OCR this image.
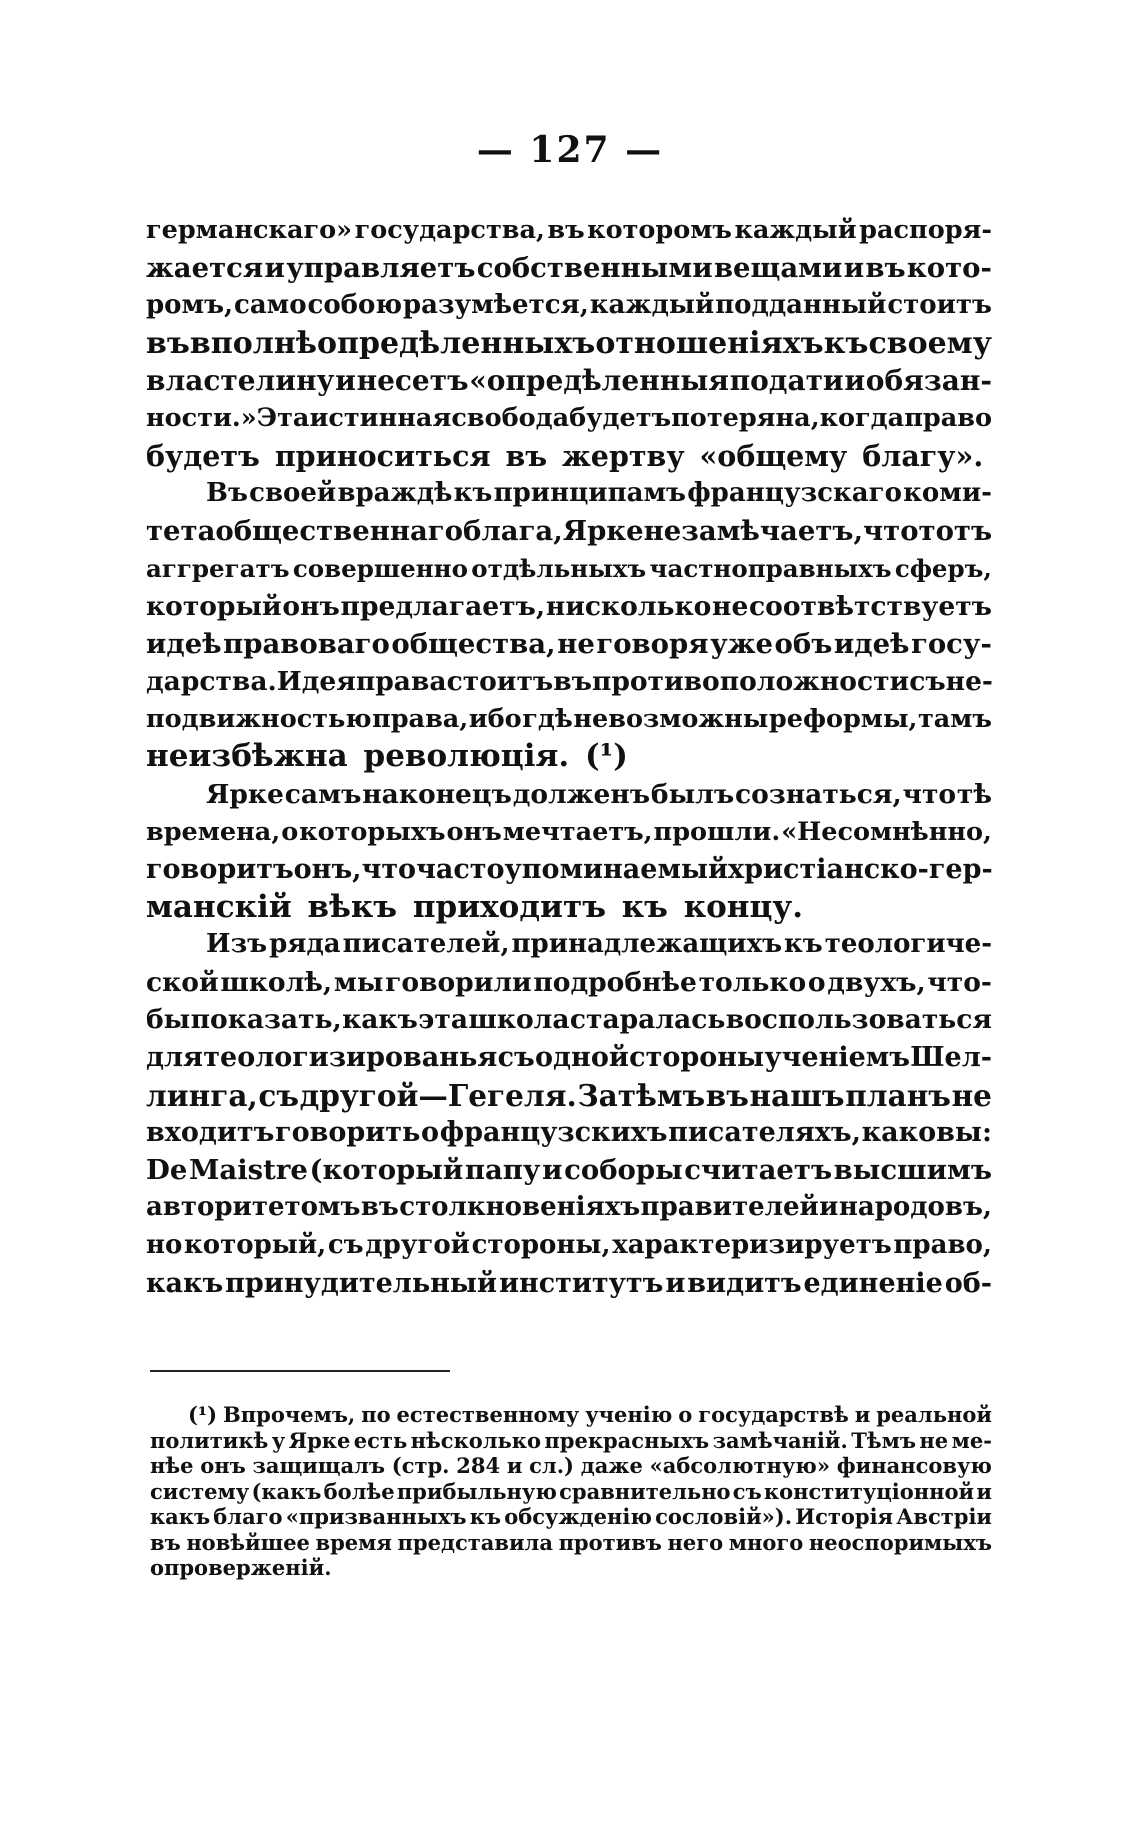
— 127 —
германскаго» государства, въ которомъ каждый распоря-
жается и управляетъ собственными вещами и въ кото-
ромъ, само собою разумѣется, каждый подданный стоитъ
въ вполнѣ опредѣленныхъ отношенiяхъ къ своему
властелину и несетъ «опредѣленныя подати и обязан-
ности.» Эта истинная свобода будетъ потеряна, когда право
будетъ приноситься въ жертву «общему благу».
Въ своей враждѣ къ принципамъ французскаго коми-
тета общественнаго блага, Ярке не замѣчаетъ, что тотъ
аггрегатъ совершенно отдѣльныхъ частноправныхъ сферъ,
который онъ предлагаетъ, нисколько не соотвѣтствуетъ
идеѣ правоваго общества, не говоря уже объ идеѣ госу-
дарства. Идея права стоитъ въ противоположности съ не-
подвижностью права, ибо гдѣ невозможны реформы, тамъ
неизбѣжна революцiя. (¹)
Ярке самъ наконецъ долженъ былъ сознаться, что тѣ
времена, о которыхъ онъ мечтаетъ, прошли. «Несомнѣнно,
говоритъ онъ, что часто упоминаемый христiанско-гер-
манскiй вѣкъ приходитъ къ концу.
Изъ ряда писателей, принадлежащихъ къ теологиче-
ской школѣ, мы говорили подробнѣе только о двухъ, что-
бы показать, какъ эта школа старалась воспользоваться
для теологизированья съ одной стороны ученiемъ Шел-
линга, съ другой—Гегеля. Затѣмъ въ нашъ планъ не
входитъ говорить о французскихъ писателяхъ, каковы:
De Maistre (который папу и соборы считаетъ высшимъ
авторитетомъ въ столкновенiяхъ правителей и народовъ,
но который, съ другой стороны, характеризируетъ право,
какъ принудительный институтъ и видитъ единенiе об-
(¹) Впрочемъ, по естественному ученiю о государствѣ и реальной
политикѣ у Ярке есть нѣсколько прекрасныхъ замѣчанiй. Тѣмъ не ме-
нѣе онъ защищалъ (стр. 284 и сл.) даже «абсолютную» финансовую
систему (какъ болѣе прибыльную сравнительно съ конституцiонной и
какъ благо «призванныхъ къ обсужденiю сословiй»). Исторiя Австрiи
въ новѣйшее время представила противъ него много неоспоримыхъ
опроверженiй.
